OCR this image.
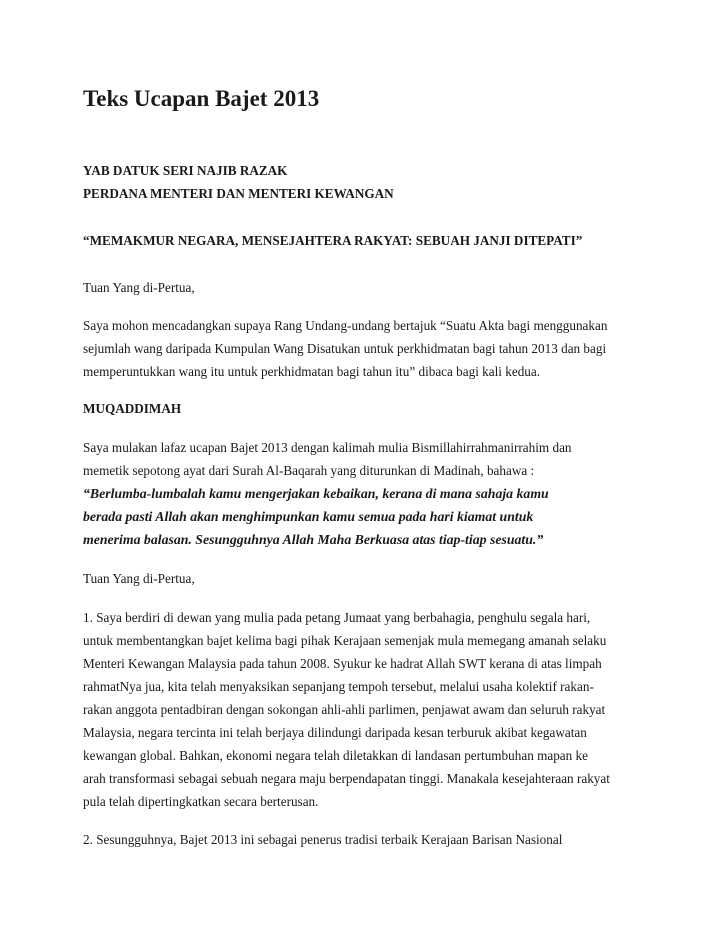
Teks Ucapan Bajet 2013
YAB DATUK SERI NAJIB RAZAK
PERDANA MENTERI DAN MENTERI KEWANGAN
“MEMAKMUR NEGARA, MENSEJAHTERA RAKYAT: SEBUAH JANJI DITEPATI”
Tuan Yang di-Pertua,
Saya mohon mencadangkan supaya Rang Undang-undang bertajuk “Suatu Akta bagi menggunakan
sejumlah wang daripada Kumpulan Wang Disatukan untuk perkhidmatan bagi tahun 2013 dan bagi
memperuntukkan wang itu untuk perkhidmatan bagi tahun itu” dibaca bagi kali kedua.
MUQADDIMAH
Saya mulakan lafaz ucapan Bajet 2013 dengan kalimah mulia Bismillahirrahmanirrahim dan
memetik sepotong ayat dari Surah Al-Baqarah yang diturunkan di Madinah, bahawa :
“Berlumba-lumbalah kamu mengerjakan kebaikan, kerana di mana sahaja kamu
berada pasti Allah akan menghimpunkan kamu semua pada hari kiamat untuk
menerima balasan. Sesungguhnya Allah Maha Berkuasa atas tiap-tiap sesuatu.”
Tuan Yang di-Pertua,
1. Saya berdiri di dewan yang mulia pada petang Jumaat yang berbahagia, penghulu segala hari,
untuk membentangkan bajet kelima bagi pihak Kerajaan semenjak mula memegang amanah selaku
Menteri Kewangan Malaysia pada tahun 2008. Syukur ke hadrat Allah SWT kerana di atas limpah
rahmatNya jua, kita telah menyaksikan sepanjang tempoh tersebut, melalui usaha kolektif rakan-
rakan anggota pentadbiran dengan sokongan ahli-ahli parlimen, penjawat awam dan seluruh rakyat
Malaysia, negara tercinta ini telah berjaya dilindungi daripada kesan terburuk akibat kegawatan
kewangan global. Bahkan, ekonomi negara telah diletakkan di landasan pertumbuhan mapan ke
arah transformasi sebagai sebuah negara maju berpendapatan tinggi. Manakala kesejahteraan rakyat
pula telah dipertingkatkan secara berterusan.
2. Sesungguhnya, Bajet 2013 ini sebagai penerus tradisi terbaik Kerajaan Barisan Nasional
